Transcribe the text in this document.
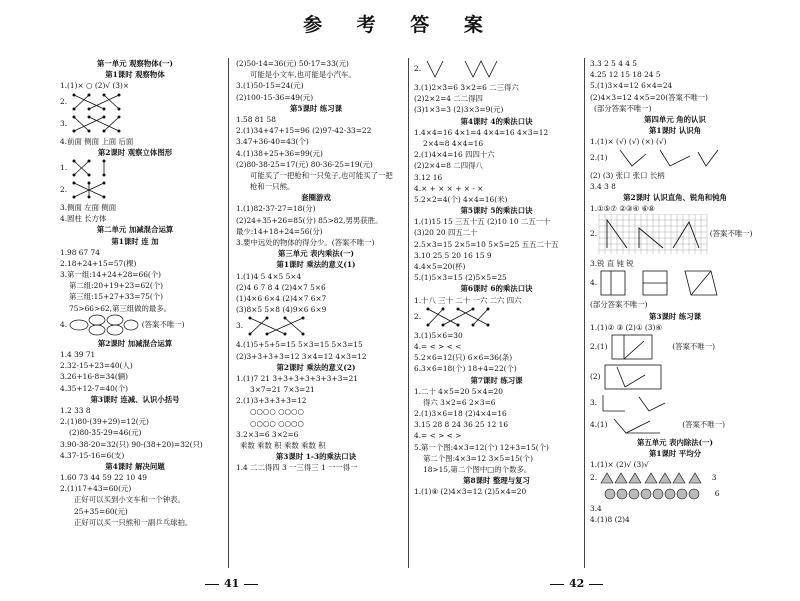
参 考 答 案
第一单元 观察物体(一)
第1课时 观察物体
1.(1)× ○ (2)√ (3)×
2.
3.
4.前面 侧面 上面 后面
第2课时 观察立体图形
1.
2.
3.侧面 左面 侧面
4.圆柱 长方体
第二单元 加减混合运算
第1课时 连 加
1.98 67 74
2.18+24+15=57(棵)
3.第一组:14+24+28=66(个)
第二组:20+19+23=62(个)
第三组:15+27+33=75(个)
75>66>62,第三组做的最多。
4.	(答案不唯一)
第2课时 加减混合运算
1.4 39 71
2.32-15+23=40(人)
3.26+16-8=34(辆)
4.35+12-7=40(个)
第3课时 连减、认识小括号
1.2 33 8
2.(1)80-(39+29)=12(元)
(2)80-35-29=46(元)
3.90-38-20=32(只) 90-(38+20)=32(只)
4.37-15-16=6(支)
第4课时 解决问题
1.60 73 44 59 22 10 49
2.(1)17+43=60(元)
正好可以买到小文车和一个钟表。
25+35=60(元)
正好可以买一只熊和一副乒乓球拍。
(2)50-14=36(元) 50-17=33(元)
可能是小文车,也可能是小汽车。
3.(1)50-15=24(元)
(2)100-15-36=49(元)
第5课时 练习课
1.58 81 58
2.(1)34+47+15=96 (2)97-42-33=22
3.47+36-40=43(个)
4.(1)38+25+36=99(元)
(2)80-38-25=17(元) 80-36-25=19(元)
可能买了一把枪和一只兔子,也可能买了一把
枪和一只熊。
套圈游戏
1.(1)82-37-27=18(分)
(2)24+35+26=85(分) 85>82,男男获胜。
最少:14+18+24=56(分)
3.要中远处的物体的得分少。(答案不唯一)
第三单元 表内乘法(一)
第1课时 乘法的意义(1)
1.(1)4 5 4×5 5×4
(2)4 6 7 8 4 (2)4×7 5×6
(1)4×6 6×4 (2)4×7 6×7
(3)8×5 5×8 (4)9×6 6×9
3.
4.(1)5+5+5=15 5×3=15 5×3=15
(2)3+3+3+3=12 3×4=12 4×3=12
第2课时 乘法的意义(2)
1.(1)7 21 3+3+3+3+3+3+3=21
3×7=21 7×3=21
2.(1)3+3+3+3=12
○○○○ ○○○○
○○○○ ○○○○
3.2×3=6 3×2=6
乘数 乘数 积 乘数 乘数 积
第3课时 1-3的乘法口诀
1.4 二二得四 3 一三得三 1 一一得一
2.
3.(1)2×3=6 3×2=6 二三得六
(2)2×2=4 二二得四
(3)1×3=3 (2)3×3=9(元)
第4课时 4的乘法口诀
1.4×4=16 4×1=4 4×4=16 4×3=12
2×4=8 4×4=16
2.(1)4×4=16 四四十六
(2)2×4=8 二四得八
3.12 16
4.× + × × + × - ×
5.2×2=4(个) 4×4=16(米)
第5课时 5的乘法口诀
1.(1)15 15 三五十五 (2)10 10 二五一十
(3)20 20 四五二十
2.5×3=15 2×5=10 5×5=25 五五二十五
3.10 25 5 20 16 15 9
4.4×5=20(杯)
5.(1)5×3=15 (2)5×5=25
第6课时 6的乘法口诀
1.十八 三十 二十 一六 二六 四六
2.
3.(1)5×6=30
4.= < > < <
5.2×6=12(只) 6×6=36(条)
6.3×6=18(个) 18+4=22(个)
第7课时 练习课
1.二十 4×5=20 5×4=20
得六 3×2=6 2×3=6
2.(1)3×6=18 (2)4×4=16
3.15 28 8 24 36 25 12 16
4.= < > < >
5.第一个图:4×3=12(个) 12+3=15(个)
第二个图:4×3=12 3×5=15(个)
18>15,第二个图中□的个数多。
第8课时 整理与复习
1.(1)⑧ (2)4×3=12 (2)5×4=20
3.3 2 5 4 4 5
4.25 12 15 18 24 5
5.(1)3×4=12 6×4=24
(2)4×3=12 4×5=20(答案不唯一)
(部分答案不唯一)
第四单元 角的认识
第1课时 认识角
1.(1)× (√) (√) (×) (√)
2.(1)
(2) (3) 张口 张口 长柄
3.4 3 8
第2课时 认识直角、锐角和钝角
1.①⑤⑦ ②③④ ⑥⑧
2.	(答案不唯一)
3.锐 直 钝 锐
4.
(部分答案不唯一)
第3课时 练习课
1.(1)② ③ (2)① (3)④
2.(1)	(答案不唯一)
(2)
3.
4.(1)	(答案不唯一)
第五单元 表内除法(一)
第1课时 平均分
1.(1)× (2)√ (3)√
2.	3
6
3.4
4.(1)8 (2)4
41	42
